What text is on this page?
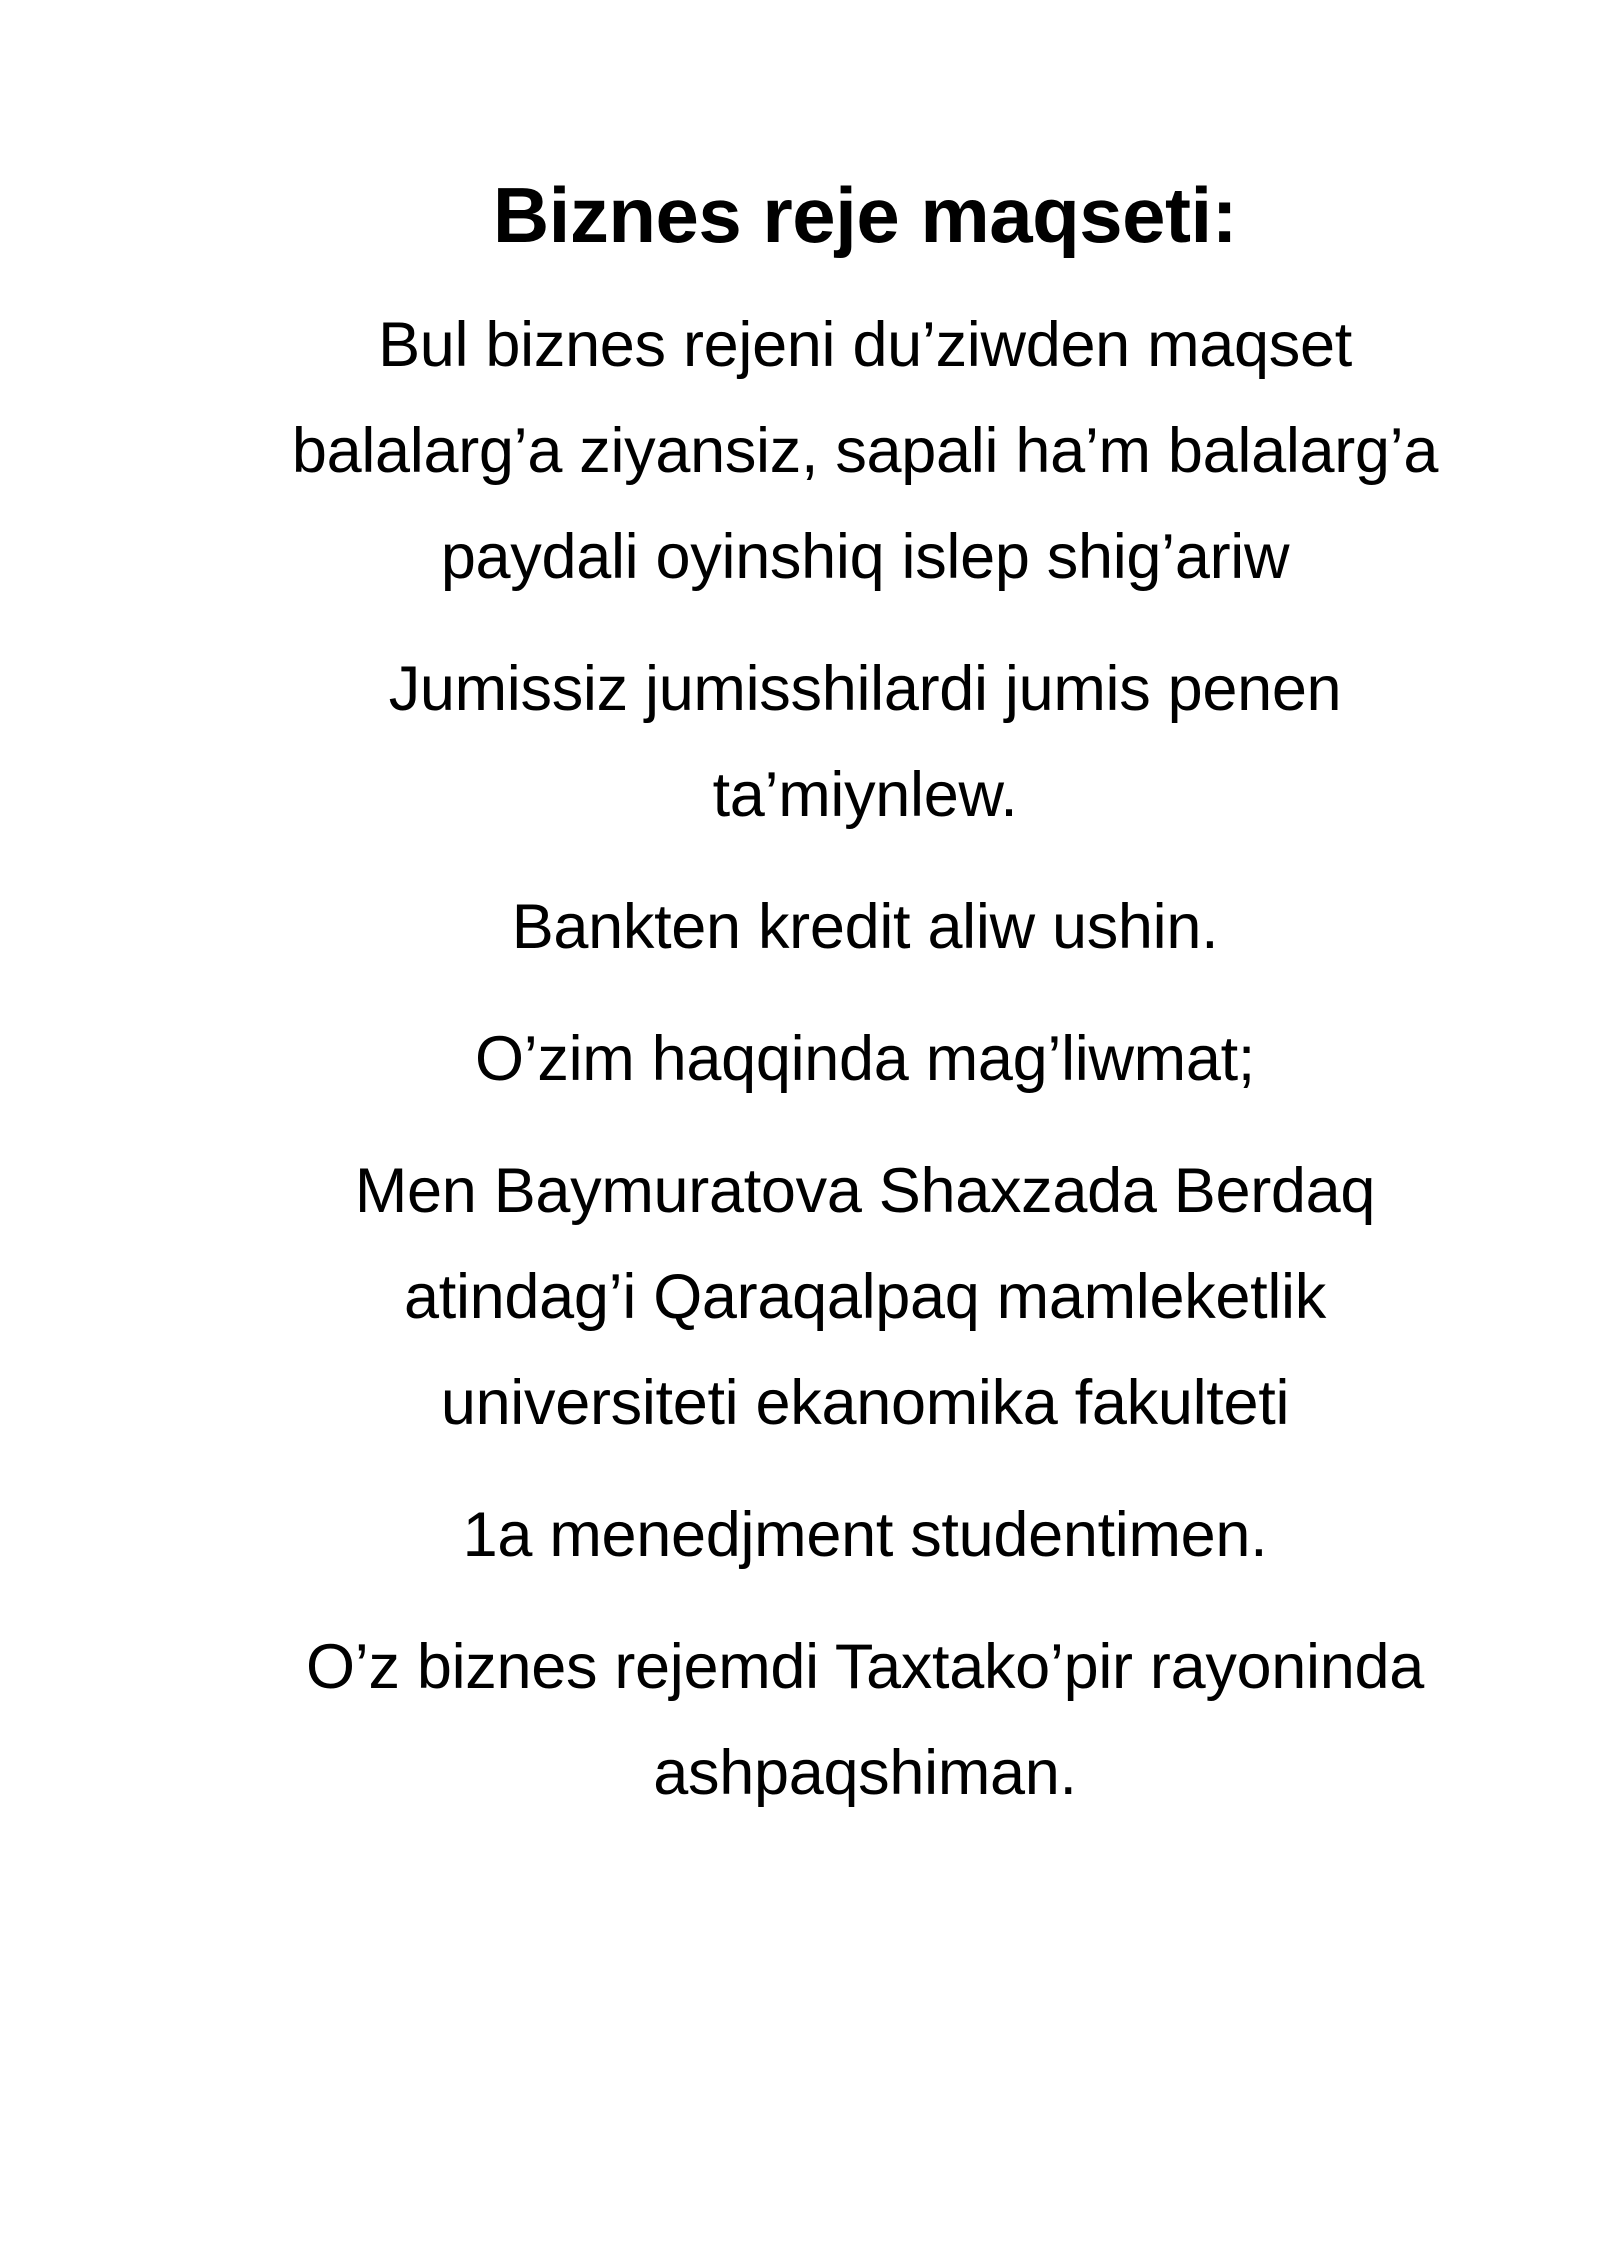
Biznes reje maqseti:

Bul biznes rejeni du’ziwden maqset
balalarg’a ziyansiz, sapali ha’m balalarg’a
paydali oyinshiq islep shig’ariw

Jumissiz jumisshilardi jumis penen
ta’miynlew.

Bankten kredit aliw ushin.

O’zim haqqinda mag’liwmat;

Men Baymuratova Shaxzada Berdaq
atindag’i Qaraqalpaq mamleketlik
universiteti ekanomika fakulteti

1a menedjment studentimen.

O’z biznes rejemdi Taxtako’pir rayoninda
ashpaqshiman.
